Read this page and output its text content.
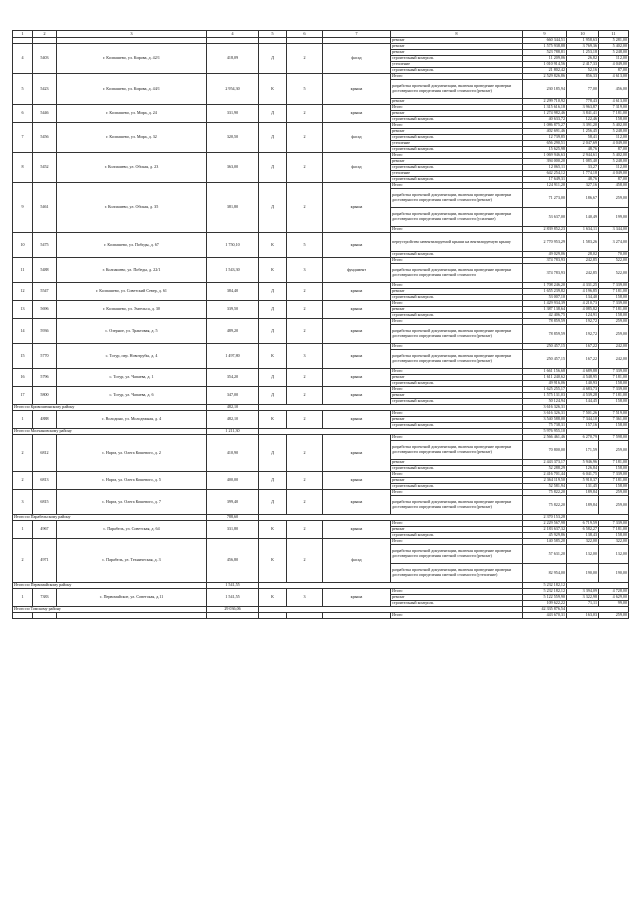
1	2	3	4	5	6	7	8	9	10	11
							ремонт	660 344,51	1 958,63	5 281,00
4	5403	г. Колпашево, ул. Кирова, д. 42/1	418,09	Д	2	фасад	ремонт	1 575 938,88	3 769,36	5 402,00
							ремонт	523 788,81	1 253,18	5 248,00
							строительный контроль	11 209,06	26,82	112,00
							утепление	1 010 914,56	2 417,33	4 049,00
							строительный контроль	21 802,42	52,16	87,00
5	5423	г. Колпашево, ул. Кирова, д. 44/1	2 954,30	К	5	крыша	Итого	2 529 826,86	856,33	4 613,00
							разработка проектной документации, включая проведение проверки достоверности определения сметной стоимости (ремонт)	230 185,94	77,00	456,00
							ремонт	2 299 710,92	778,43	4 613,00
6	5446	г. Колпашево, ул. Мира, д. 24	331,90	Д	2	крыша	Итого	1 315 616,18	3 963,87	7 319,00
							ремонт	1 274 982,46	3 841,41	7 181,00
							строительный контроль	40 633,72	122,46	158,00
7	5456	г. Колпашево, ул. Мира, д. 32	320,50	Д	2	фасад	Итого	1 086 875,27	3 391,20	5 402,00
							ремонт	402 691,46	1 256,45	5 248,00
							строительный контроль	12 739,85	58,41	112,00
							утепление	656 290,51	2 047,69	4 049,00
							строительный контроль	15 625,98	48,76	87,00
8	5452	г. Колпашево, ул. Обская, д. 23	363,00	Д	2	фасад	Итого	1 069 946,63	2 944,61	5 402,00
							ремонт	394 000,20	1 085,40	5 248,00
							строительный контроль	12 065,11	33,27	112,00
							утепление	642 254,12	1 774,18	4 049,00
							строительный контроль	17 649,31	48,76	87,00
9	5461	г. Колпашево, ул. Обская, д. 35	381,80	Д	2	крыша	Итого	124 911,20	327,16	458,00
							разработка проектной документации, включая проведение проверки достоверности определения сметной стоимости (ремонт)	71 273,00	186,67	259,00
							разработка проектной документации, включая проведение проверки достоверности определения сметной стоимости (усиление)	53 637,00	140,49	199,00
							Итого	2 839 852,23	1 634,11	3 344,00
10	5475	г. Колпашево, ул. Победы, д. 67	1 750,10	К	5	крыша	переустройство невентилируемой крыши на вентилируемую крышу	2 770 953,29	1 583,26	3 274,00
							строительный контроль	49 029,06	28,02	70,00
11	5488	г. Колпашево, ул. Победы, д. 22/1	1 543,30	К	3	фундамент	Итого	374 783,93	242,85	522,00
							разработка проектной документации, включая проведение проверки достоверности определения сметной стоимости	374 783,93	242,85	522,00
12	5547	г. Колпашево, ул. Советский Север, д. 61	384,40	Д	2	крыша	Итого	1 708 246,20	4 331,25	7 339,00
							ремонт	1 655 239,82	4 196,85	7 181,00
							строительный контроль	53 007,10	134,40	158,00
13	5696	г. Колпашево, ул. Энгельса, д. 30	339,50	Д	2	крыша	Итого	1 429 934,39	4 210,73	7 339,00
							ремонт	1 387 138,64	4 085,82	7 181,00
							строительный контроль	42 406,75	124,91	158,00
14	5936	с. Озерное, ул. Трактовая, д. 5	489,20	Д	2	крыша	Итого	78 859,59	192,72	259,00
							разработка проектной документации, включая проведение проверки достоверности определения сметной стоимости (ремонт)	78 859,59	192,72	259,00
15	5770	с. Тогур, пер. Новотрубы, д. 4	1 497,80	К	3	крыша	Итого	250 457,15	167,22	242,00
							разработка проектной документации, включая проведение проверки достоверности определения сметной стоимости (ремонт)	250 457,15	167,22	242,00
16	5796	с. Тогур, ул. Чапаева, д. 1	354,20	Д	2	крыша	Итого	1 661 156,68	4 689,88	7 339,00
							ремонт	1 611 240,62	4 548,95	7 181,00
							строительный контроль	49 916,06	140,93	158,00
17	5800	с. Тогур, ул. Чапаева, д. 6	347,00	Д	2	крыша	Итого	1 625 255,17	4 683,73	7 339,00
							ремонт	1 575 131,03	4 539,28	7 181,00
							строительный контроль	50 124,94	144,45	158,00
Итого по Кривошеинскому району			482,10					3 616 326,31		
1	4888	с. Володино, ул. Молодежная, д. 4	482,10	К	2	крыша	Итого	3 616 326,31	7 501,26	7 519,00
							ремонт	3 540 588,00	7 344,10	7 361,00
							строительный контроль	75 738,31	157,16	158,00
Итого по Молчановскому району			1 211,30					5 976 955,10		
2	6812	с. Нарга, ул. Олега Кошевого, д. 2	410,90	Д	2	крыша	Итого	2 566 461,46	6 270,79	7 598,00
							разработка проектной документации, включая проведение проверки достоверности определения сметной стоимости (ремонт)	70 800,00	171,59	259,00
							ремонт	2 443 373,17	5 946,96	7 181,00
							строительный контроль	52 288,29	126,84	158,00
2	6813	с. Нарга, ул. Олега Кошевого, д. 5	400,00	Д	2	крыша	Итого	2 416 701,44	6 041,75	7 339,00
							ремонт	2 364 119,50	5 910,37	7 181,00
							строительный контроль	52 581,94	131,45	158,00
3	6815	с. Нарга, ул. Олега Кошевого, д. 7	399,40	Д	2	крыша	Итого	75 822,20	189,84	259,00
							разработка проектной документации, включая проведение проверки достоверности определения сметной стоимости (ремонт)	75 822,20	189,84	259,00
Итого по Парабельскому району			788,60					2 370 153,28		
1	4967	с. Парабель, ул. Советская, д. 64	331,80	К	2	крыша	Итого	2 229 567,98	6 719,59	7 339,00
							ремонт	2 183 637,32	6 582,27	7 181,00
							строительный контроль	45 929,86	138,43	158,00
2	4971	с. Парабель, ул. Техническая, д. 3	456,80	К	2	фасад	Итого	140 585,20	322,00	322,00
							разработка проектной документации, включая проведение проверки достоверности определения сметной стоимости (ремонт)	57 631,20	132,00	132,00
							разработка проектной документации, включая проведение проверки достоверности определения сметной стоимости (утепление)	82 954,00	190,00	190,00
Итого по Первомайскому району			1 541,55					5 232 182,12		
1	7383	с. Первомайское, ул. Советская, д.11	1 541,55	К	3	крыша	Итого	5 232 182,12	3 394,09	4 728,00
							ремонт	5 122 559,90	3 322,98	4 629,00
							строительный контроль	109 622,22	71,11	99,00
Итого по Томскому району			29 036,06					42 335 876,54		
							Итого	443 670,31	163,03	259,00
